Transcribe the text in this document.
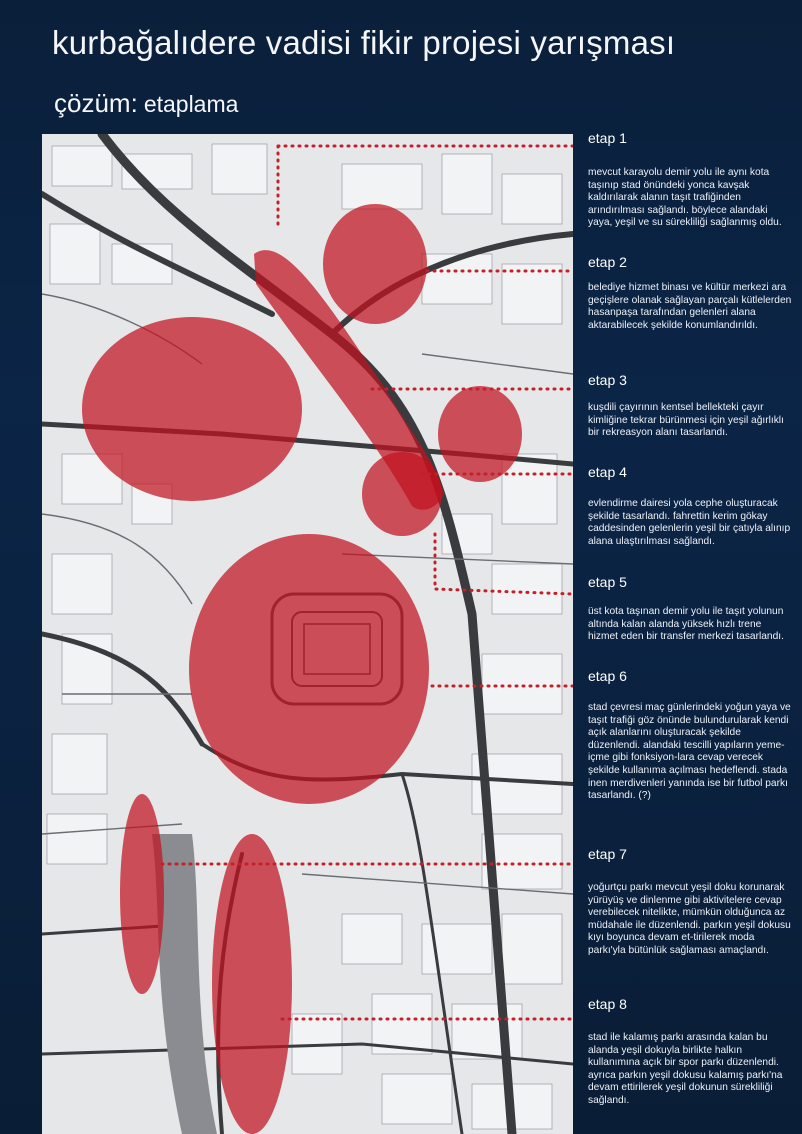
kurbağalıdere vadisi fikir projesi yarışması
çözüm: etaplama
etap 1

mevcut karayolu demir yolu ile aynı kota taşınıp stad önündeki yonca kavşak kaldırılarak alanın taşıt trafiğinden arındırılması sağlandı. böylece alandaki yaya, yeşil ve su sürekliliği sağlanmış oldu.

etap 2

belediye hizmet binası ve kültür merkezi ara geçişlere olanak sağlayan parçalı kütlelerden hasanpaşa tarafından gelenleri alana aktarabilecek şekilde konumlandırıldı.

etap 3

kuşdili çayırının kentsel bellekteki çayır kimliğine tekrar bürünmesi için yeşil ağırlıklı bir rekreasyon alanı tasarlandı.

etap 4

evlendirme dairesi yola cephe oluşturacak şekilde tasarlandı. fahrettin kerim gökay caddesinden gelenlerin yeşil bir çatıyla alınıp alana ulaştırılması sağlandı.

etap 5

üst kota taşınan demir yolu ile taşıt yolunun altında kalan alanda yüksek hızlı trene hizmet eden bir transfer merkezi tasarlandı.

etap 6

stad çevresi maç günlerindeki yoğun yaya ve taşıt trafiği göz önünde bulundurularak kendi açık alanlarını oluşturacak şekilde düzenlendi. alandaki tescilli yapıların yeme-içme gibi fonksiyon-lara cevap verecek şekilde kullanıma açılması hedeflendi. stada inen merdivenleri yanında ise bir futbol parkı tasarlandı. (?)

etap 7

yoğurtçu parkı mevcut yeşil doku korunarak yürüyüş ve dinlenme gibi aktivitelere cevap verebilecek nitelikte, mümkün olduğunca az müdahale ile düzenlendi. parkın yeşil dokusu kıyı boyunca devam et-tirilerek moda parkı'yla bütünlük sağlaması amaçlandı.

etap 8

stad ile kalamış parkı arasında kalan bu alanda yeşil dokuyla birlikte halkın kullanımına açık bir spor parkı düzenlendi. ayrıca parkın yeşil dokusu kalamış parkı'na devam ettirilerek yeşil dokunun sürekliliği sağlandı.
